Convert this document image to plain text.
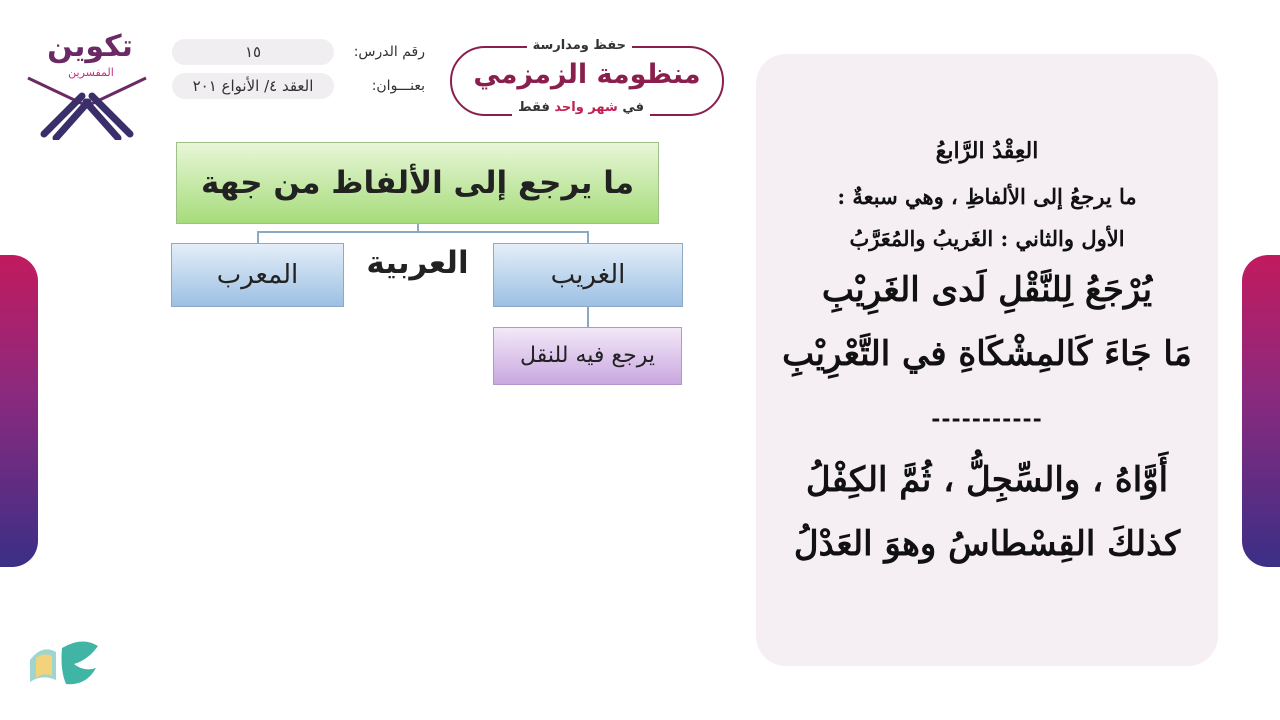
تكوين
المفسرين
حفظ ومدارسة
منظومة الزمزمي
في شهر واحد فقط
رقم الدرس:
١٥
بعنـــوان:
العقد ٤/ الأنواع ٢٠١
ما يرجع إلى الألفاظ من جهة العربية	الغريب
المعرب
يرجع فيه للنقل
العِقْدُ الرَّابعُ
ما يرجعُ إلى الألفاظِ ، وهي سبعةٌ :
الأول والثاني : الغَريبُ والمُعَرَّبُ
يُرْجَعُ لِلنَّقْلِ لَدى الغَرِيْبِ
مَا جَاءَ كَالمِشْكَاةِ في التَّعْرِيْبِ
-----------
أَوَّاهُ ، والسِّجِلُّ ، ثُمَّ الكِفْلُ
كذلكَ القِسْطاسُ وهوَ العَدْلُ
